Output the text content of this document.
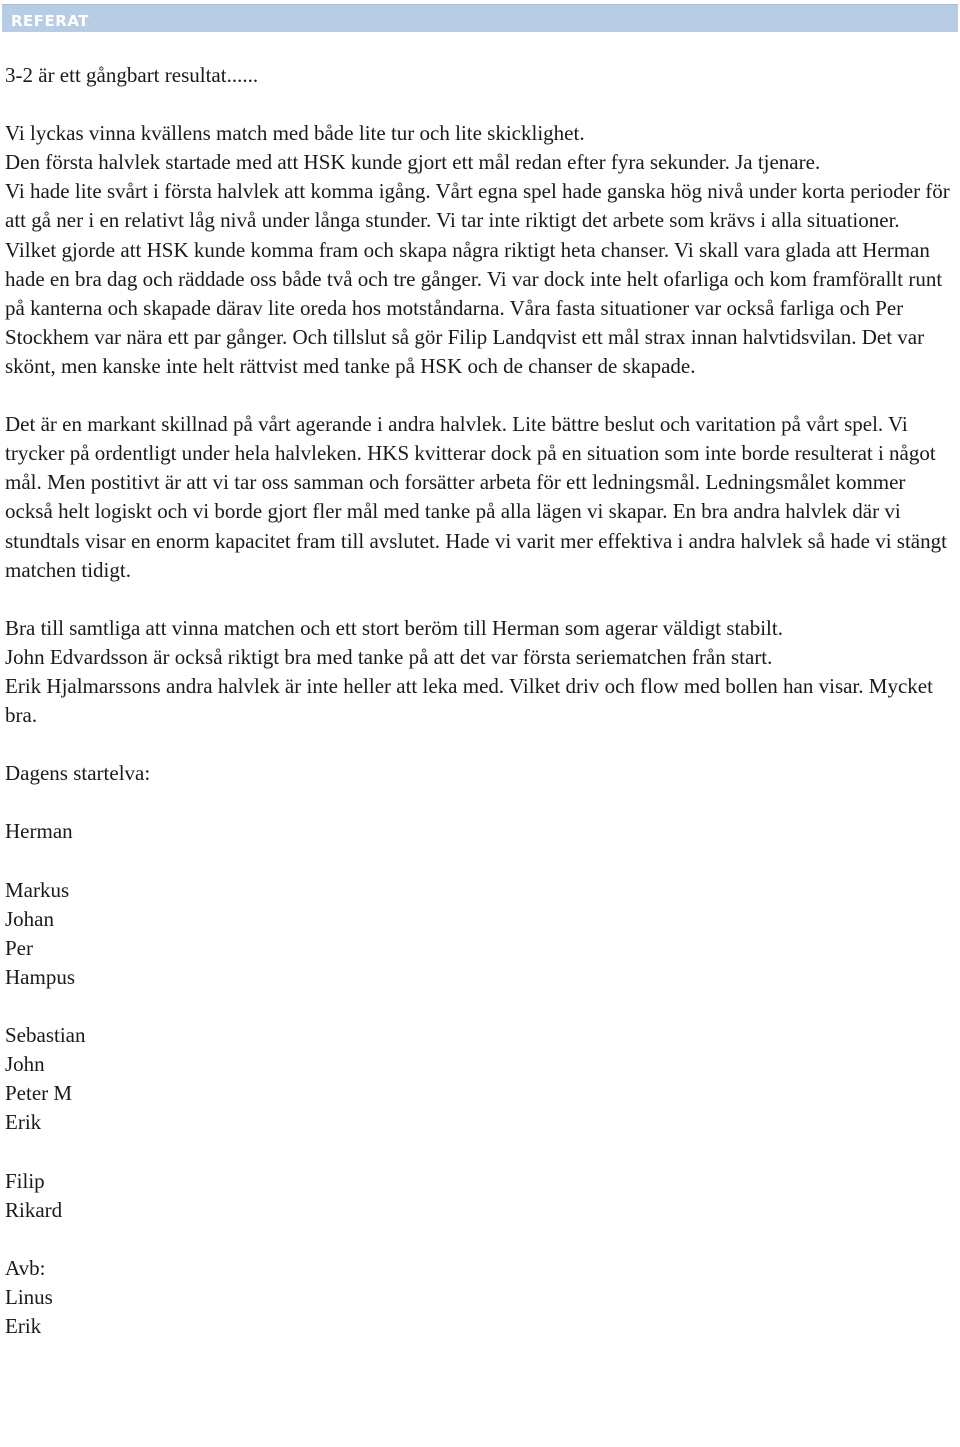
REFERAT

3-2 är ett gångbart resultat......

Vi lyckas vinna kvällens match med både lite tur och lite skicklighet.

Den första halvlek startade med att HSK kunde gjort ett mål redan efter fyra sekunder. Ja tjenare.

Vi hade lite svårt i första halvlek att komma igång. Vårt egna spel hade ganska hög nivå under korta perioder för att gå ner i en relativt låg nivå under långa stunder. Vi tar inte riktigt det arbete som krävs i alla situationer. Vilket gjorde att HSK kunde komma fram och skapa några riktigt heta chanser. Vi skall vara glada att Herman hade en bra dag och räddade oss både två och tre gånger. Vi var dock inte helt ofarliga och kom framförallt runt på kanterna och skapade därav lite oreda hos motståndarna. Våra fasta situationer var också farliga och Per Stockhem var nära ett par gånger. Och tillslut så gör Filip Landqvist ett mål strax innan halvtidsvilan. Det var skönt, men kanske inte helt rättvist med tanke på HSK och de chanser de skapade.

Det är en markant skillnad på vårt agerande i andra halvlek. Lite bättre beslut och varitation på vårt spel. Vi trycker på ordentligt under hela halvleken. HKS kvitterar dock på en situation som inte borde resulterat i något mål. Men postitivt är att vi tar oss samman och forsätter arbeta för ett ledningsmål. Ledningsmålet kommer också helt logiskt och vi borde gjort fler mål med tanke på alla lägen vi skapar. En bra andra halvlek där vi stundtals visar en enorm kapacitet fram till avslutet. Hade vi varit mer effektiva i andra halvlek så hade vi stängt matchen tidigt.

Bra till samtliga att vinna matchen och ett stort beröm till Herman som agerar väldigt stabilt.

John Edvardsson är också riktigt bra med tanke på att det var första seriematchen från start.

Erik Hjalmarssons andra halvlek är inte heller att leka med. Vilket driv och flow med bollen han visar. Mycket bra.

Dagens startelva:

Herman

Markus

Johan

Per

Hampus

Sebastian

John

Peter M

Erik

Filip

Rikard

Avb:

Linus

Erik
